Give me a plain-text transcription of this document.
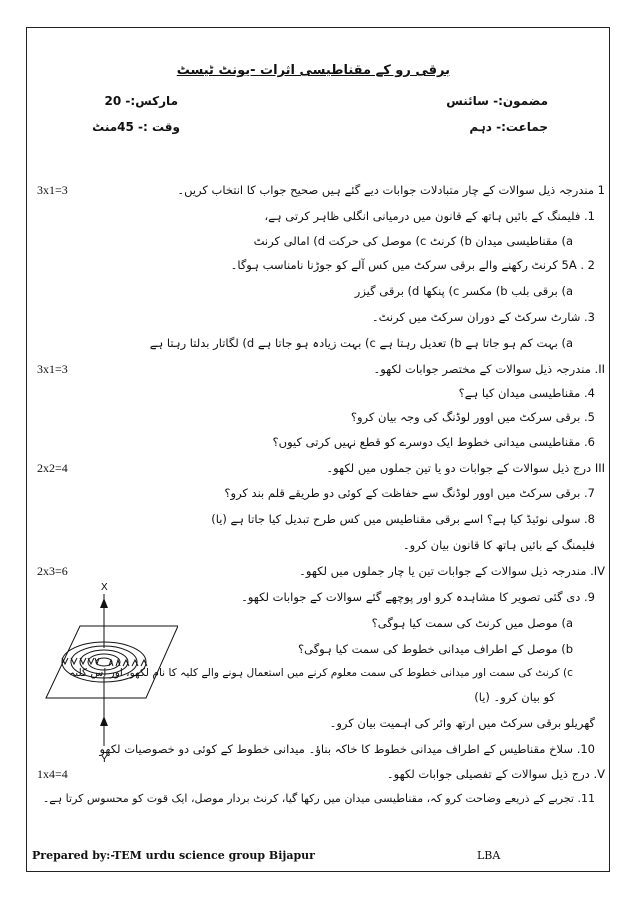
برقی رو کے مقناطیسی اثرات -یونٹ ٹیسٹ
مضمون:- سائنس
مارکس:- 20
جماعت:- دہم
وقت :- 45منٹ
1 مندرجہ ذیل سوالات کے چار متبادلات جوابات دیے گئے ہیں صحیح جواب کا انتخاب کریں۔
3x1=3
1. فلیمنگ کے بائیں ہاتھ کے قانون میں درمیانی انگلی ظاہر کرتی ہے،
a) مقناطیسی میدان b) کرنٹ c) موصل کی حرکت d) امالی کرنٹ
2 . 5A کرنٹ رکھنے والے برقی سرکٹ میں کس آلے کو جوڑنا نامناسب ہوگا۔
a) برقی بلب b) مکسر c) پنکھا d) برقی گیزر
3. شارٹ سرکٹ کے دوران سرکٹ میں کرنٹ۔
a) بہت کم ہو جاتا ہے b) تعدیل رہتا ہے c) بہت زیادہ ہو جاتا ہے d) لگاتار بدلتا رہتا ہے
II. مندرجہ ذیل سوالات کے مختصر جوابات لکھو۔
3x1=3
4. مقناطیسی میدان کیا ہے؟
5. برقی سرکٹ میں اوور لوڈنگ کی وجہ بیان کرو؟
6. مقناطیسی میدانی خطوط ایک دوسرے کو قطع نہیں کرتی کیوں؟
III درج ذیل سوالات کے جوابات دو یا تین جملوں میں لکھو۔
2x2=4
7. برقی سرکٹ میں اوور لوڈنگ سے حفاظت کے کوئی دو طریقے قلم بند کرو؟
8. سولی نوئیڈ کیا ہے؟ اسے برقی مقناطیس میں کس طرح تبدیل کیا جاتا ہے (یا)
فلیمنگ کے بائیں ہاتھ کا قانون بیان کرو۔
IV. مندرجہ ذیل سوالات کے جوابات تین یا چار جملوں میں لکھو۔
2x3=6
9. دی گئی تصویر کا مشاہدہ کرو اور پوچھے گئے سوالات کے جوابات لکھو۔
a) موصل میں کرنٹ کی سمت کیا ہوگی؟
b) موصل کے اطراف میدانی خطوط کی سمت کیا ہوگی؟
c) کرنٹ کی سمت اور میدانی خطوط کی سمت معلوم کرنے میں استعمال ہونے والے کلیہ کا نام لکھو، اور اس کلیہ
کو بیان کرو۔ (یا)
گھریلو برقی سرکٹ میں ارتھ وائر کی اہمیت بیان کرو۔
10. سلاخ مقناطیس کے اطراف میدانی خطوط کا خاکہ بناؤ۔ میدانی خطوط کے کوئی دو خصوصیات لکھو
V. درج ذیل سوالات کے تفصیلی جوابات لکھو۔
1x4=4
11. تجربے کے ذریعے وضاحت کرو کہ، مقناطیسی میدان میں رکھا گیا، کرنٹ بردار موصل، ایک قوت کو محسوس کرتا ہے۔
X
Y
Prepared by:-TEM urdu science group Bijapur	LBA
